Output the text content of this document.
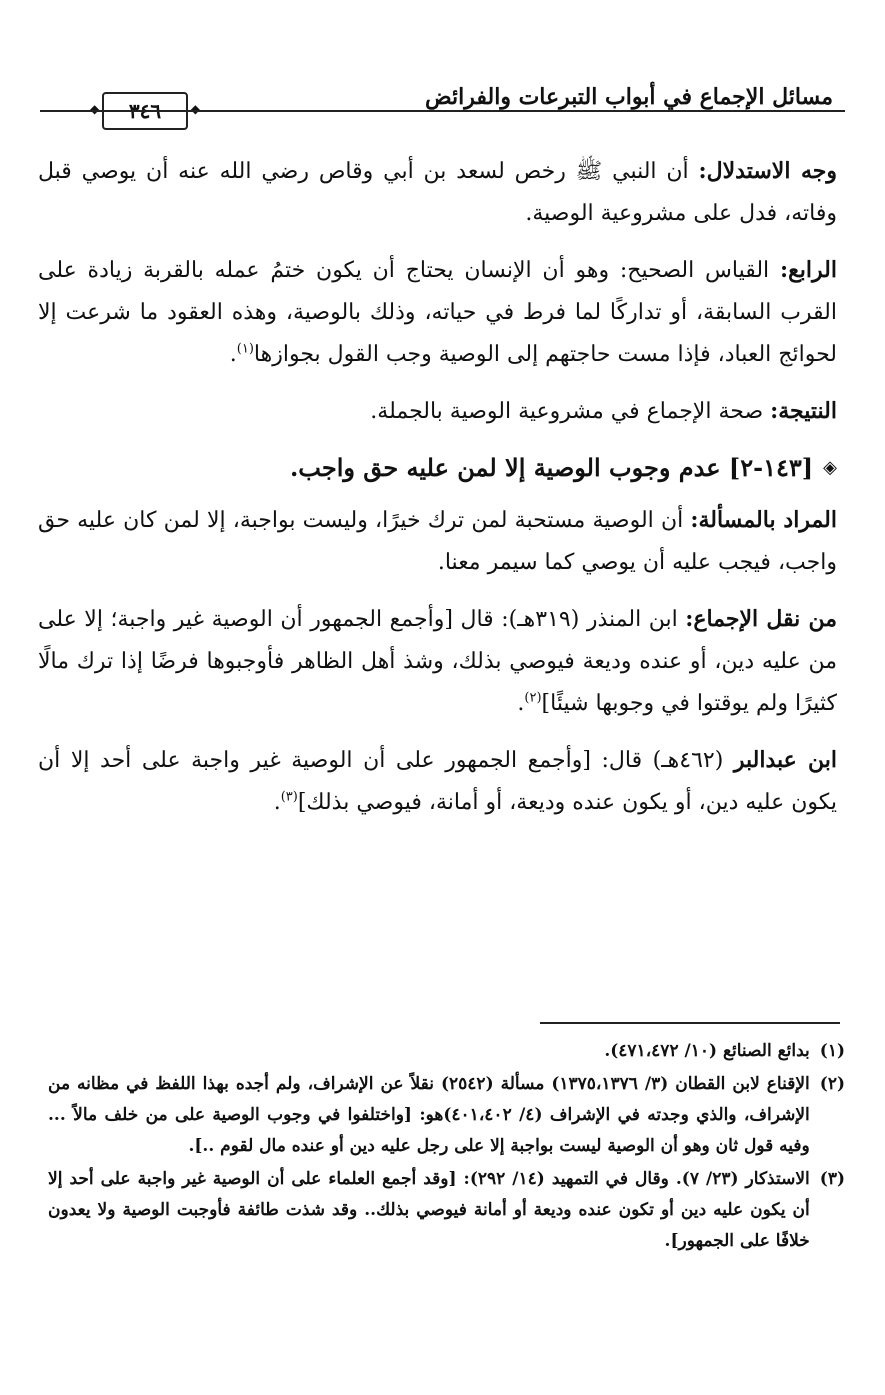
مسائل الإجماع في أبواب التبرعات والفرائض
◆ ٣٤٦ ◆

وجه الاستدلال: أن النبي ﷺ رخص لسعد بن أبي وقاص رضي الله عنه أن يوصي قبل وفاته، فدل على مشروعية الوصية.

الرابع: القياس الصحيح: وهو أن الإنسان يحتاج أن يكون ختمُ عمله بالقربة زيادة على القرب السابقة، أو تداركًا لما فرط في حياته، وذلك بالوصية، وهذه العقود ما شرعت إلا لحوائج العباد، فإذا مست حاجتهم إلى الوصية وجب القول بجوازها$^{(١)}$.

النتيجة: صحة الإجماع في مشروعية الوصية بالجملة.

◈
[١٤٣-٢] عدم وجوب الوصية إلا لمن عليه حق واجب.

المراد بالمسألة: أن الوصية مستحبة لمن ترك خيرًا، وليست بواجبة، إلا لمن كان عليه حق واجب، فيجب عليه أن يوصي كما سيمر معنا.

من نقل الإجماع: ابن المنذر (٣١٩هـ): قال [وأجمع الجمهور أن الوصية غير واجبة؛ إلا على من عليه دين، أو عنده وديعة فيوصي بذلك، وشذ أهل الظاهر فأوجبوها فرضًا إذا ترك مالًا كثيرًا ولم يوقتوا في وجوبها شيئًا]$^{(٢)}$.

ابن عبدالبر (٤٦٢هـ) قال: [وأجمع الجمهور على أن الوصية غير واجبة على أحد إلا أن يكون عليه دين، أو يكون عنده وديعة، أو أمانة، فيوصي بذلك]$^{(٣)}$.

(١)
بدائع الصنائع (١٠/ ٤٧١،٤٧٢).
(٢)
الإقناع لابن القطان (٣/ ١٣٧٥،١٣٧٦) مسألة (٢٥٤٢) نقلاً عن الإشراف، ولم أجده بهذا اللفظ في مظانه من الإشراف، والذي وجدته في الإشراف (٤/ ٤٠١،٤٠٢)هو: [واختلفوا في وجوب الوصية على من خلف مالاً ... وفيه قول ثان وهو أن الوصية ليست بواجبة إلا على رجل عليه دين أو عنده مال لقوم ..].
(٣)
الاستذكار (٢٣/ ٧). وقال في التمهيد (١٤/ ٢٩٢): [وقد أجمع العلماء على أن الوصية غير واجبة على أحد إلا أن يكون عليه دين أو تكون عنده وديعة أو أمانة فيوصي بذلك.. وقد شذت طائفة فأوجبت الوصية ولا يعدون خلافًا على الجمهور].
